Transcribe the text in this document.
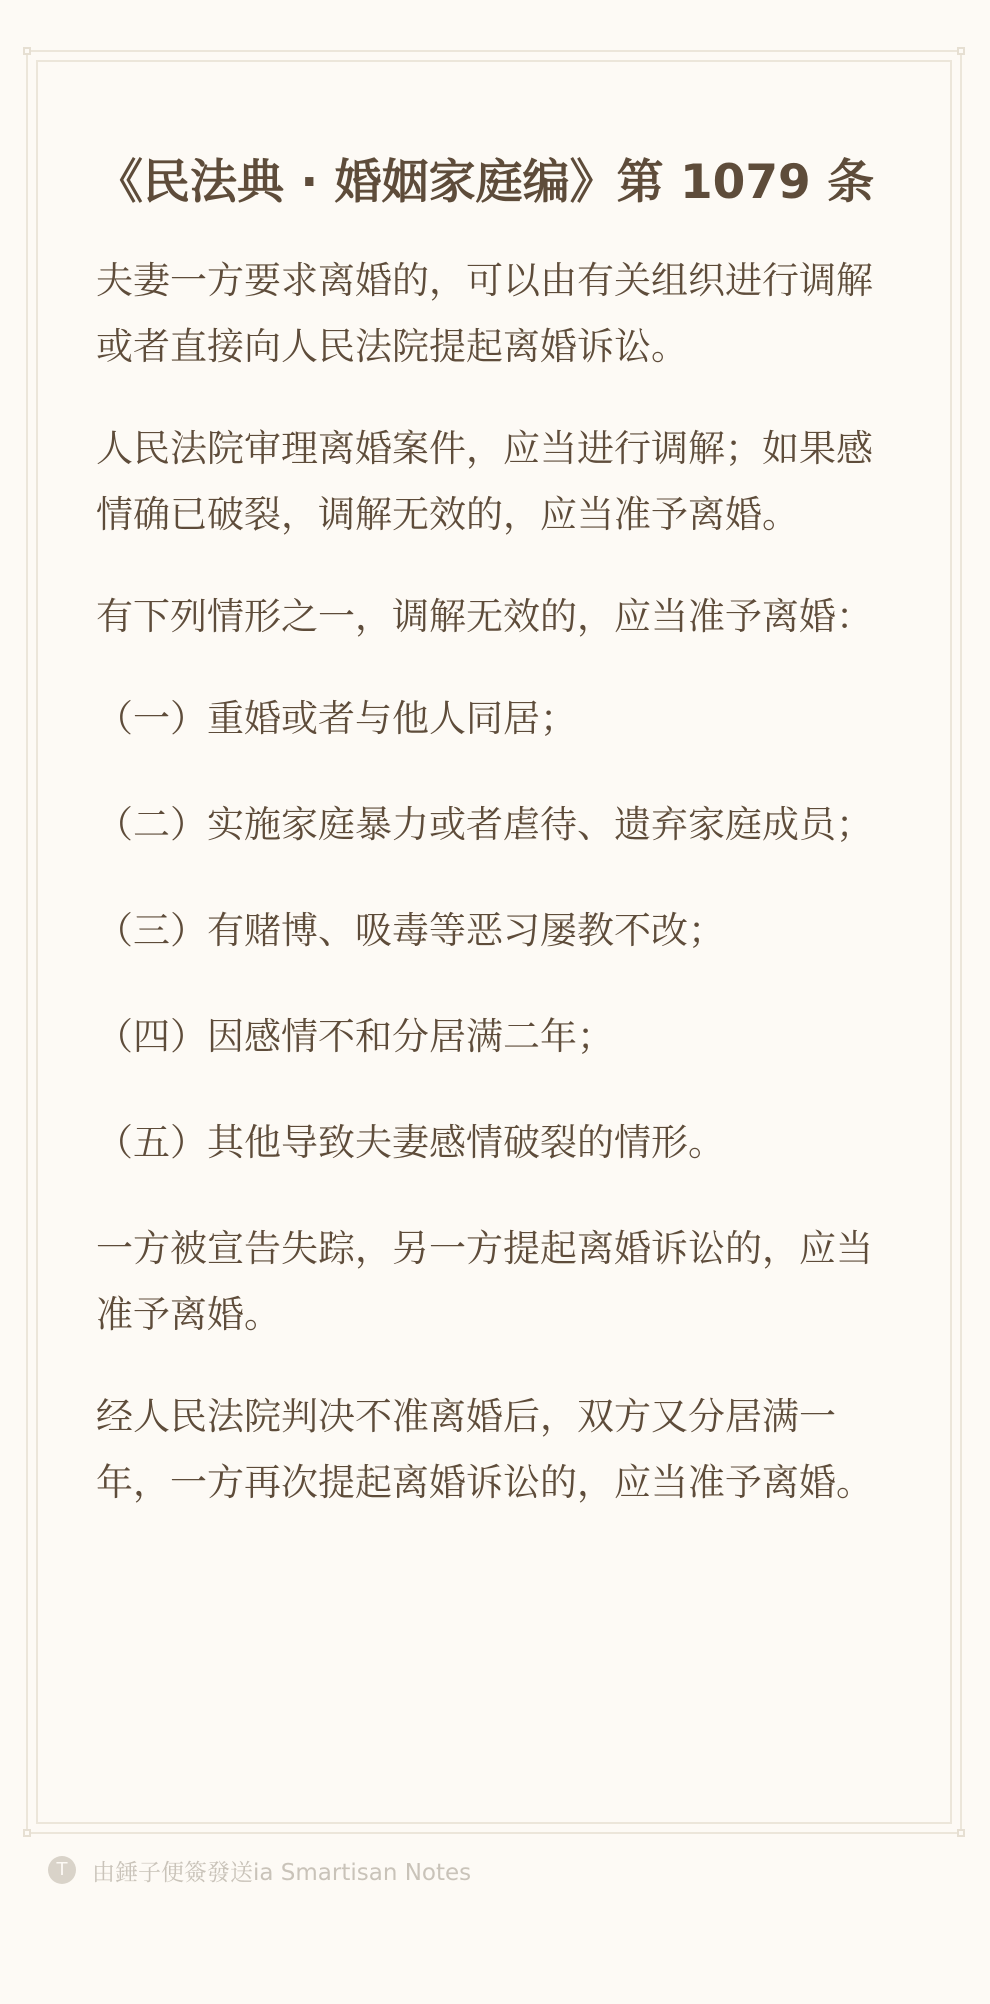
《民法典 · 婚姻家庭编》第 1079 条

夫妻一方要求离婚的，可以由有关组织进行调解或者直接向人民法院提起离婚诉讼。

人民法院审理离婚案件，应当进行调解；如果感情确已破裂，调解无效的，应当准予离婚。

有下列情形之一，调解无效的，应当准予离婚：

（一）重婚或者与他人同居；

（二）实施家庭暴力或者虐待、遗弃家庭成员；

（三）有赌博、吸毒等恶习屡教不改；

（四）因感情不和分居满二年；

（五）其他导致夫妻感情破裂的情形。

一方被宣告失踪，另一方提起离婚诉讼的，应当准予离婚。

经人民法院判决不准离婚后，双方又分居满一年，一方再次提起离婚诉讼的，应当准予离婚。

T	由錘子便簽發送ia Smartisan Notes
